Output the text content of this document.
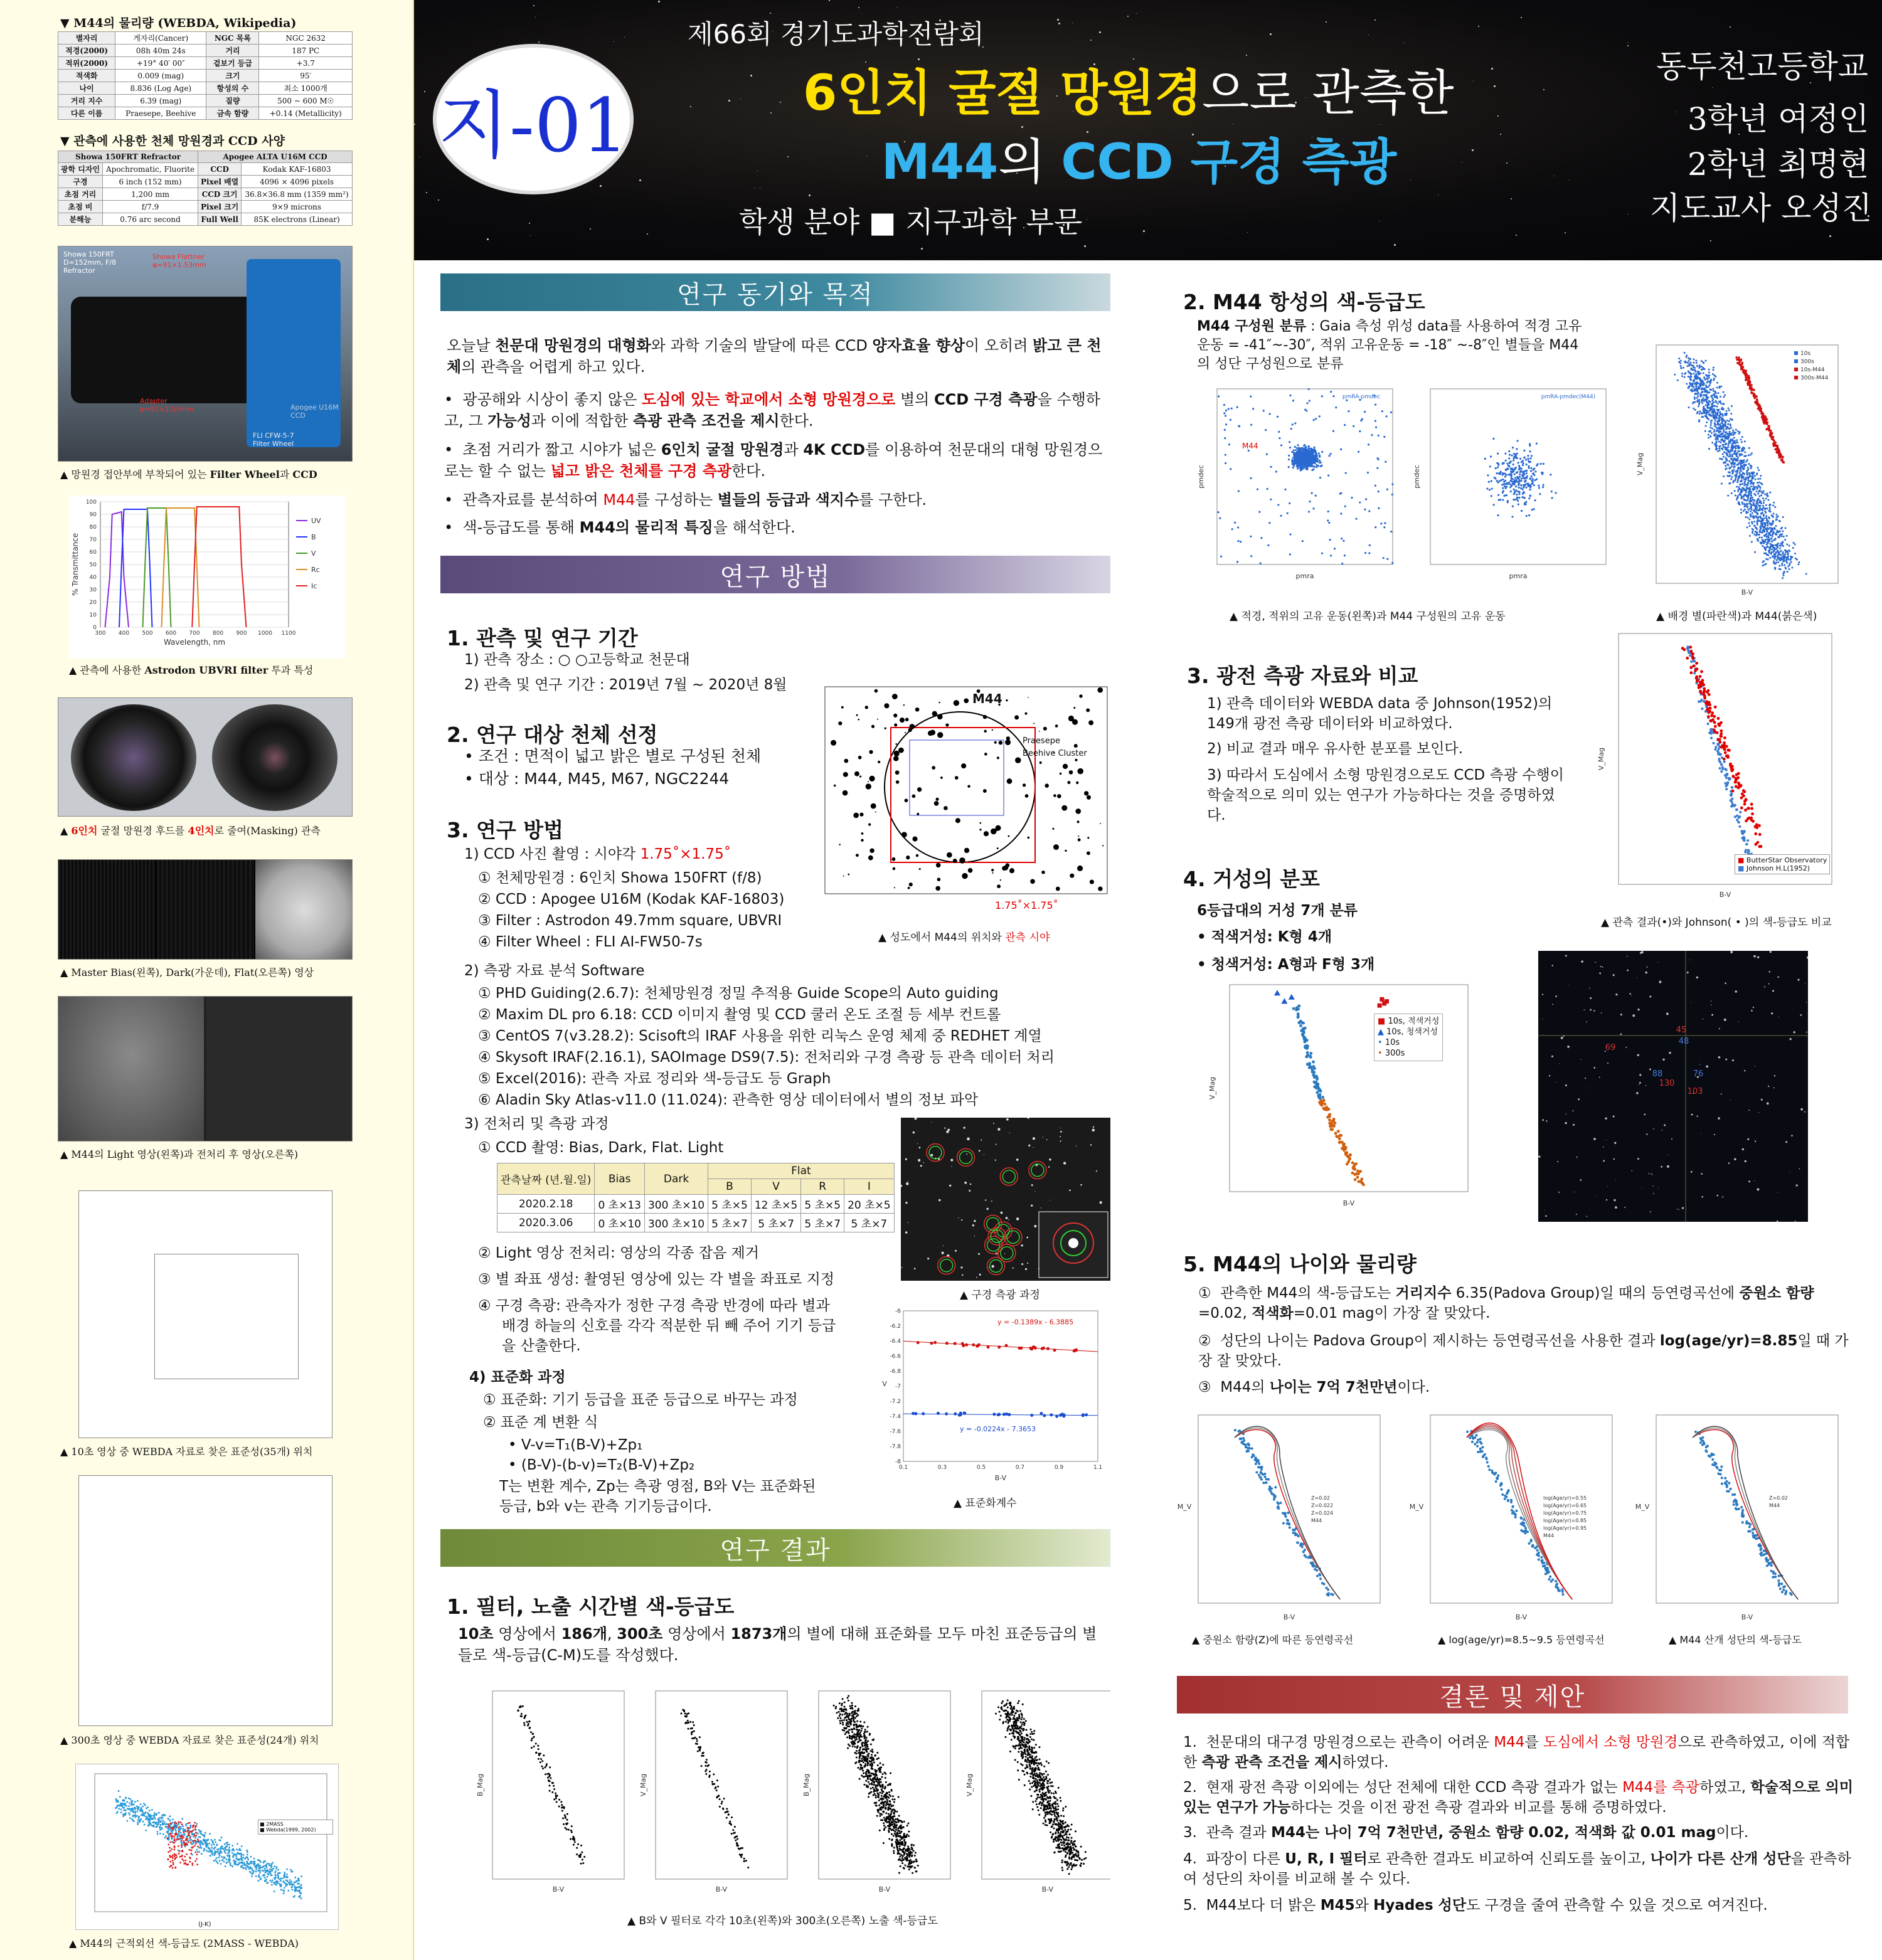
▼ M44의 물리량 (WEBDA, Wikipedia)
별자리	게자리(Cancer)	NGC 목록	NGC 2632
적경(2000)	08h 40m 24s	거리	187 PC
적위(2000)	+19° 40′ 00″	겉보기 등급	+3.7
적색화	0.009 (mag)	크기	95′
나이	8.836 (Log Age)	항성의 수	최소 1000개
거리 지수	6.39 (mag)	질량	500 ~ 600 M☉
다른 이름	Praesepe, Beehive	금속 함량	+0.14 (Metallicity)
▼ 관측에 사용한 천체 망원경과 CCD 사양
Showa 150FRT Refractor		Apogee ALTA U16M CCD	
광학 디자인	Apochromatic, Fluorite	CCD	Kodak KAF-16803
구경	6 inch (152 mm)	Pixel 배열	4096 × 4096 pixels
초점 거리	1,200 mm	CCD 크기	36.8×36.8 mm (1359 mm²)
초점 비	f/7.9	Pixel 크기	9×9 microns
분해능	0.76 arc second	Full Well	85K electrons (Linear)
Showa 150FRT D=152mm, F/8 Refractor
Showa Flattner φ=91×1.53mm
Adapter φ=91×1.53mm	Apogee U16M CCD
FLI CFW-5-7 Filter Wheel
▲ 망원경 접안부에 부착되어 있는 Filter Wheel과 CCD
0
10
20
30
40
50
60
70
80
90
100
300 400 500 600 700 800 900 1000 1100
Wavelength, nm
% Transmittance
UV
B
V
Rc
Ic
▲ 관측에 사용한 Astrodon UBVRI filter 투과 특성
▲ 6인치 굴절 망원경 후드를 4인치로 줄여(Masking) 관측
▲ Master Bias(왼쪽), Dark(가운데), Flat(오른쪽) 영상
▲ M44의 Light 영상(왼쪽)과 전처리 후 영상(오른쪽)
▲ 10초 영상 중 WEBDA 자료로 찾은 표준성(35개) 위치
▲ 300초 영상 중 WEBDA 자료로 찾은 표준성(24개) 위치
■ 2MASS
■ Webda(1999, 2002)
(J-K)
▲ M44의 근적외선 색-등급도 (2MASS - WEBDA)
지-01
제66회 경기도과학전람회
6인치 굴절 망원경으로 관측한
M44의 CCD 구경 측광
학생 분야 ■ 지구과학 부문
동두천고등학교
3학년 여정인
2학년 최명현
지도교사 오성진
연구 동기와 목적
오늘날 천문대 망원경의 대형화와 과학 기술의 발달에 따른 CCD 양자효율 향상이 오히려 밝고 큰 천체의 관측을 어렵게 하고 있다.
•  광공해와 시상이 좋지 않은 도심에 있는 학교에서 소형 망원경으로 별의 CCD 구경 측광을 수행하고, 그 가능성과 이에 적합한 측광 관측 조건을 제시한다.
•  초점 거리가 짧고 시야가 넓은 6인치 굴절 망원경과 4K CCD를 이용하여 천문대의 대형 망원경으로는 할 수 없는 넓고 밝은 천체를 구경 측광한다.
•  관측자료를 분석하여 M44를 구성하는 별들의 등급과 색지수를 구한다.
•  색-등급도를 통해 M44의 물리적 특징을 해석한다.
연구 방법
1. 관측 및 연구 기간
1) 관측 장소 : ○ ○고등학교 천문대
2) 관측 및 연구 기간 : 2019년 7월 ~ 2020년 8월
2. 연구 대상 천체 선정
• 조건 : 면적이 넓고 밝은 별로 구성된 천체
• 대상 : M44, M45, M67, NGC2244
3. 연구 방법
1) CCD 사진 촬영 : 시야각 1.75˚×1.75˚
① 천체망원경 : 6인치 Showa 150FRT (f/8)
② CCD : Apogee U16M (Kodak KAF-16803)
③ Filter : Astrodon 49.7mm square, UBVRI
④ Filter Wheel : FLI AI-FW50-7s
M44
Praesepe
Beehive Cluster
1.75˚×1.75˚
▲ 성도에서 M44의 위치와 관측 시야
2) 측광 자료 분석 Software
① PHD Guiding(2.6.7): 천체망원경 정밀 추적용 Guide Scope의 Auto guiding
② Maxim DL pro 6.18: CCD 이미지 촬영 및 CCD 쿨러 온도 조절 등 세부 컨트롤
③ CentOS 7(v3.28.2): Scisoft의 IRAF 사용을 위한 리눅스 운영 체제 중 REDHET 계열
④ Skysoft IRAF(2.16.1), SAOImage DS9(7.5): 전처리와 구경 측광 등 관측 데이터 처리
⑤ Excel(2016): 관측 자료 정리와 색-등급도 등 Graph
⑥ Aladin Sky Atlas-v11.0 (11.024): 관측한 영상 데이터에서 별의 정보 파악
3) 전처리 및 측광 과정
① CCD 촬영: Bias, Dark, Flat. Light
관측날짜 (년.월.일)	Bias	Dark	Flat			
			B	V	R	I
2020.2.18	0 초×13	300 초×10	5 초×5	12 초×5	5 초×5	20 초×5
2020.3.06	0 초×10	300 초×10	5 초×7	5 초×7	5 초×7	5 초×7
② Light 영상 전처리: 영상의 각종 잡음 제거
③ 별 좌표 생성: 촬영된 영상에 있는 각 별을 좌표로 지정
④ 구경 측광: 관측자가 정한 구경 측광 반경에 따라 별과
배경 하늘의 신호를 각각 적분한 뒤 빼 주어 기기 등급
을 산출한다.
4) 표준화 과정
① 표준화: 기기 등급을 표준 등급으로 바꾸는 과정
② 표준 계 변환 식
• V-v=T₁(B-V)+Zp₁
• (B-V)-(b-v)=T₂(B-V)+Zp₂
T는 변환 계수, Zp는 측광 영점, B와 V는 표준화된
등급, b와 v는 관측 기기등급이다.
▲ 구경 측광 과정
-6
-6.2
-6.4
-6.6
-6.8
-7
-7.2
-7.4
-7.6
-7.8
-8
0.1	0.3	0.5	0.7	0.9	1.1
B-V
V
y = -0.1389x - 6.3885
y = -0.0224x - 7.3653
▲ 표준화계수
연구 결과
1. 필터, 노출 시간별 색-등급도
10초 영상에서 186개, 300초 영상에서 1873개의 별에 대해 표준화를 모두 마친 표준등급의 별들로 색-등급(C-M)도를 작성했다.
B-V
B_Mag
B-V
V_Mag
B-V
B_Mag
B-V
V_Mag
▲ B와 V 필터로 각각 10초(왼쪽)와 300초(오른쪽) 노출 색-등급도
2. M44 항성의 색-등급도
M44 구성원 분류 : Gaia 측성 위성 data를 사용하여 적경 고유운동 = -41″~-30″, 적위 고유운동 = -18″ ~-8″인 별들을 M44의 성단 구성원으로 분류
pmra	pmra
pmRA-pmdec	pmRA-pmdec(M44)
M44
pmdec	pmdec
▲ 적경, 적위의 고유 운동(왼쪽)과 M44 구성원의 고유 운동
B-V
V_Mag
10s
300s
10s-M44
300s-M44
▲ 배경 별(파란색)과 M44(붉은색)
3. 광전 측광 자료와 비교
1) 관측 데이터와 WEBDA data 중 Johnson(1952)의 149개 광전 측광 데이터와 비교하였다.
2) 비교 결과 매우 유사한 분포를 보인다.
3) 따라서 도심에서 소형 망원경으로도 CCD 측광 수행이 학술적으로 의미 있는 연구가 가능하다는 것을 증명하였다.
B-V
V_Mag
■ ButterStar Observatory
■ Johnson H.L(1952)
▲ 관측 결과(•)와 Johnson( • )의 색-등급도 비교
4. 거성의 분포
6등급대의 거성 7개 분류
• 적색거성: K형 4개
• 청색거성: A형과 F형 3개
B-V
V_Mag
■ 10s, 적색거성
▲ 10s, 청색거성
• 10s
• 300s
45
48
69
88	76
130
103
5. M44의 나이와 물리량
①  관측한 M44의 색-등급도는 거리지수 6.35(Padova Group)일 때의 등연령곡선에 중원소 함량=0.02, 적색화=0.01 mag이 가장 잘 맞았다.
②  성단의 나이는 Padova Group이 제시하는 등연령곡선을 사용한 결과 log(age/yr)=8.85일 때 가장 잘 맞았다.
③  M44의 나이는 7억 7천만년이다.
B-V
M_V
Z=0.02
Z=0.022
Z=0.024
M44
B-V
M_V
log(Age/yr)=0.55
log(Age/yr)=0.65
log(Age/yr)=0.75
log(Age/yr)=0.85
log(Age/yr)=0.95
M44
B-V
M_V
Z=0.02
M44
▲ 중원소 함량(Z)에 따른 등연령곡선	▲ log(age/yr)=8.5~9.5 등연령곡선	▲ M44 산개 성단의 색-등급도
결론 및 제안
1.  천문대의 대구경 망원경으로는 관측이 어려운 M44를 도심에서 소형 망원경으로 관측하였고, 이에 적합한 측광 관측 조건을 제시하였다.
2.  현재 광전 측광 이외에는 성단 전체에 대한 CCD 측광 결과가 없는 M44를 측광하였고, 학술적으로 의미 있는 연구가 가능하다는 것을 이전 광전 측광 결과와 비교를 통해 증명하였다.
3.  관측 결과 M44는 나이 7억 7천만년, 중원소 함량 0.02, 적색화 값 0.01 mag이다.
4.  파장이 다른 U, R, I 필터로 관측한 결과도 비교하여 신뢰도를 높이고, 나이가 다른 산개 성단을 관측하여 성단의 차이를 비교해 볼 수 있다.
5.  M44보다 더 밝은 M45와 Hyades 성단도 구경을 줄여 관측할 수 있을 것으로 여겨진다.
